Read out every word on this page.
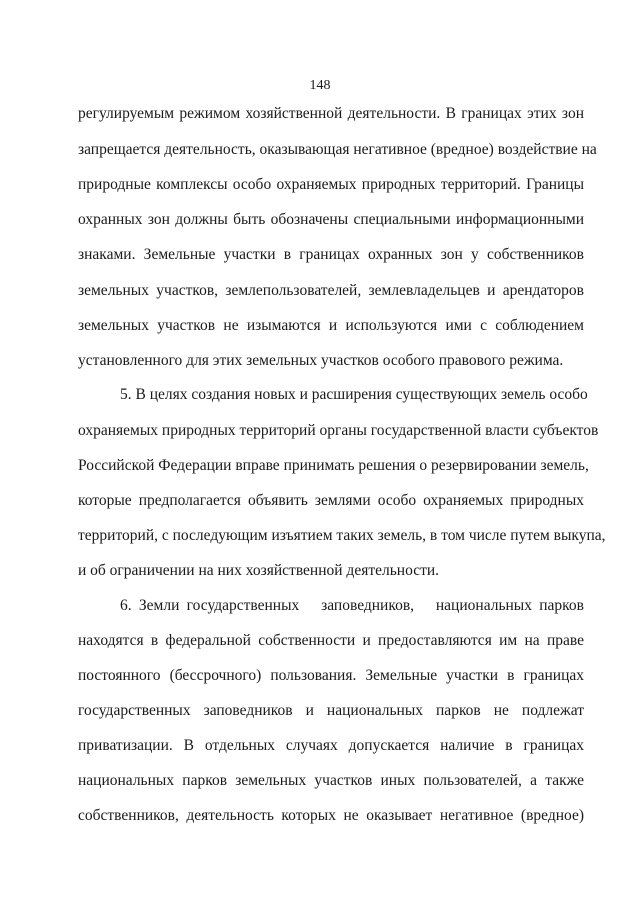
148
регулируемым режимом хозяйственной деятельности. В границах этих зон
запрещается деятельность, оказывающая негативное (вредное) воздействие на
природные комплексы особо охраняемых природных территорий. Границы
охранных зон должны быть обозначены специальными информационными
знаками. Земельные участки в границах охранных зон у собственников
земельных участков, землепользователей, землевладельцев и арендаторов
земельных участков не изымаются и используются ими с соблюдением
установленного для этих земельных участков особого правового режима.
5. В целях создания новых и расширения существующих земель особо
охраняемых природных территорий органы государственной власти субъектов
Российской Федерации вправе принимать решения о резервировании земель,
которые предполагается объявить землями особо охраняемых природных
территорий, с последующим изъятием таких земель, в том числе путем выкупа,
и об ограничении на них хозяйственной деятельности.
6. Земли государственных   заповедников,   национальных парков
находятся в федеральной собственности и предоставляются им на праве
постоянного (бессрочного) пользования. Земельные участки в границах
государственных заповедников и национальных парков не подлежат
приватизации. В отдельных случаях допускается наличие в границах
национальных парков земельных участков иных пользователей, а также
собственников, деятельность которых не оказывает негативное (вредное)
